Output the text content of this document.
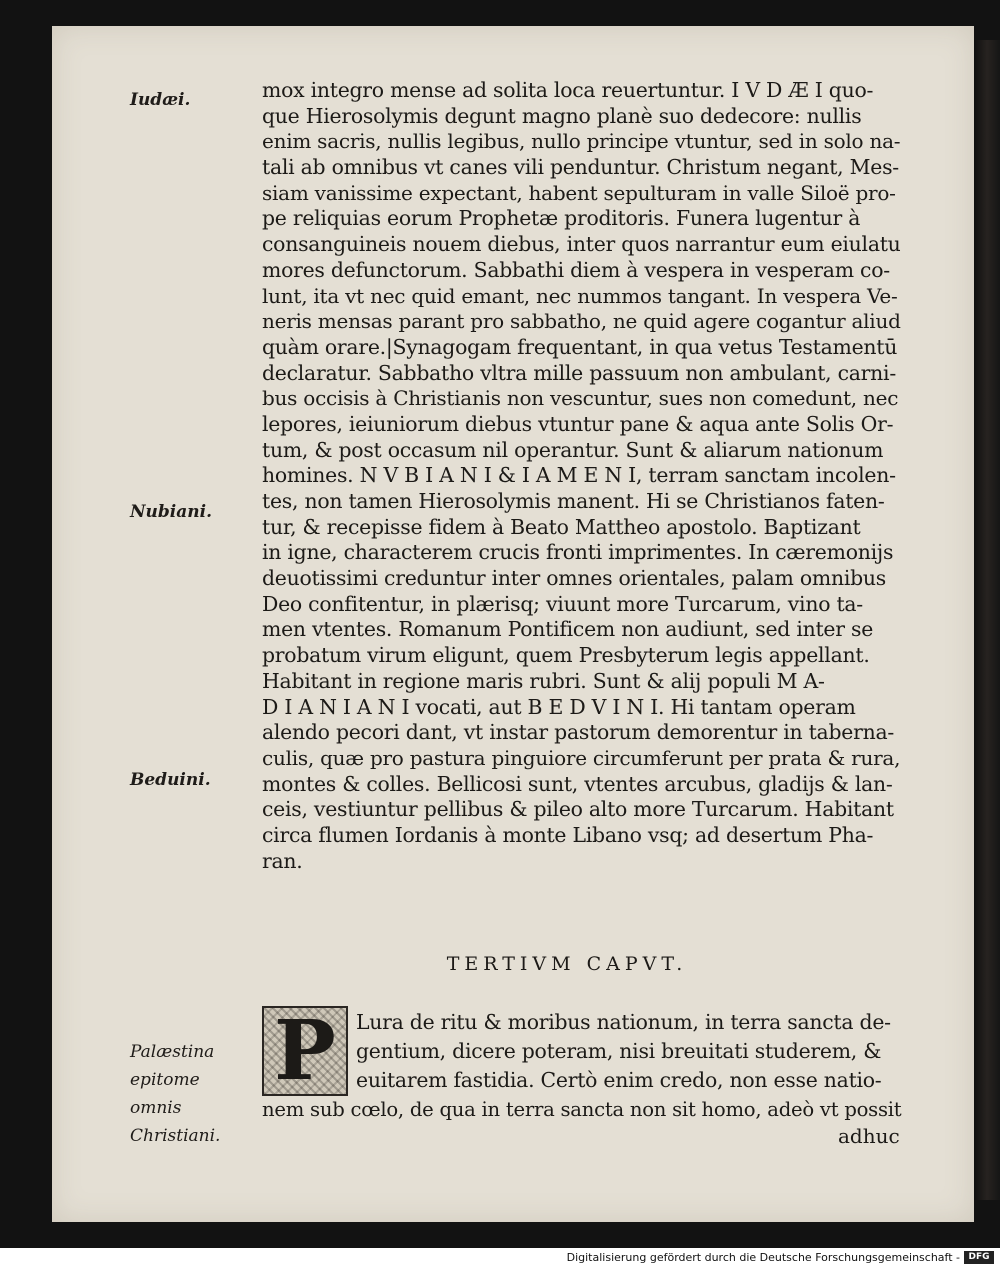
Iudæi.
Nubiani.
Beduini.
Palæstina
epitome
omnis
Christiani.
mox integro mense ad solita loca reuertuntur. I V D Æ I quo-
que Hierosolymis degunt magno planè suo dedecore: nullis
enim sacris, nullis legibus, nullo principe vtuntur, sed in solo na-
tali ab omnibus vt canes vili penduntur. Christum negant, Mes-
siam vanissime expectant, habent sepulturam in valle Siloë pro-
pe reliquias eorum Prophetæ proditoris. Funera lugentur à
consanguineis nouem diebus, inter quos narrantur eum eiulatu
mores defunctorum. Sabbathi diem à vespera in vesperam co-
lunt, ita vt nec quid emant, nec nummos tangant. In vespera Ve-
neris mensas parant pro sabbatho, ne quid agere cogantur aliud
quàm orare.|Synagogam frequentant, in qua vetus Testamentū
declaratur. Sabbatho vltra mille passuum non ambulant, carni-
bus occisis à Christianis non vescuntur, sues non comedunt, nec
lepores, ieiuniorum diebus vtuntur pane & aqua ante Solis Or-
tum, & post occasum nil operantur. Sunt & aliarum nationum
homines. N V B I A N I & I A M E N I, terram sanctam incolen-
tes, non tamen Hierosolymis manent. Hi se Christianos faten-
tur, & recepisse fidem à Beato Mattheo apostolo. Baptizant
in igne, characterem crucis fronti imprimentes. In cæremonijs
deuotissimi creduntur inter omnes orientales, palam omnibus
Deo confitentur, in plærisq; viuunt more Turcarum, vino ta-
men vtentes. Romanum Pontificem non audiunt, sed inter se
probatum virum eligunt, quem Presbyterum legis appellant.
Habitant in regione maris rubri. Sunt & alij populi M A-
D I A N I A N I vocati, aut B E D V I N I. Hi tantam operam
alendo pecori dant, vt instar pastorum demorentur in taberna-
culis, quæ pro pastura pinguiore circumferunt per prata & rura,
montes & colles. Bellicosi sunt, vtentes arcubus, gladijs & lan-
ceis, vestiuntur pellibus & pileo alto more Turcarum. Habitant
circa flumen Iordanis à monte Libano vsq; ad desertum Pha-
ran.
TERTIVM CAPVT.
P Lura de ritu & moribus nationum, in terra sancta de-
gentium, dicere poteram, nisi breuitati studerem, &
euitarem fastidia. Certò enim credo, non esse natio-
nem sub cœlo, de qua in terra sancta non sit homo, adeò vt possit
adhuc
Digitalisierung gefördert durch die Deutsche Forschungsgemeinschaft - DFG
